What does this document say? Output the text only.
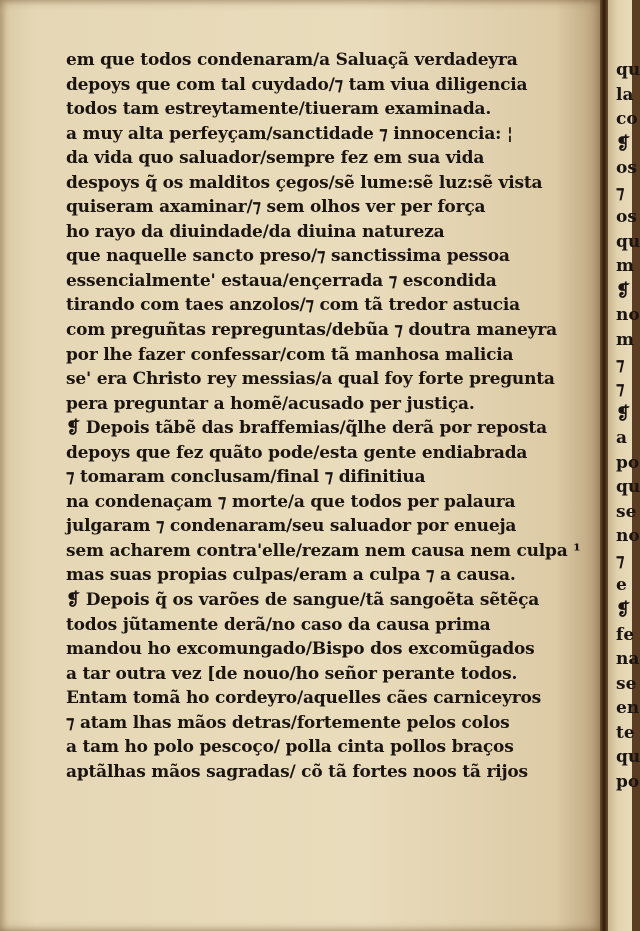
em que todos condenaram/a Saluaçã verdadeyra
depoys que com tal cuydado/⁊ tam viua diligencia
todos tam estreytamente/tiueram examinada.
a muy alta perfeyçam/sanctidade ⁊ innocencia: ¦
da vida quo saluador/sempre fez em sua vida
despoys q̃ os malditos çegos/sẽ lume:sẽ luz:sẽ vista
quiseram axaminar/⁊ sem olhos ver per força
ho rayo da diuindade/da diuina natureza
que naquelle sancto preso/⁊ sanctissima pessoa
essencialmente' estaua/ençerrada ⁊ escondida
tirando com taes anzolos/⁊ com tã tredor astucia
com preguñtas repreguntas/debũa ⁊ doutra maneyra
por lhe fazer confessar/com tã manhosa malicia
se' era Christo rey messias/a qual foy forte pregunta
pera preguntar a homẽ/acusado per justiça.
❡ Depois tãbẽ das braffemias/q̃lhe derã por reposta
depoys que fez quãto pode/esta gente endiabrada
⁊ tomaram conclusam/final ⁊ difinitiua
na condenaçam ⁊ morte/a que todos per palaura
julgaram ⁊ condenaram/seu saluador por enueja
sem acharem contra'elle/rezam nem causa nem culpa ¹
mas suas propias culpas/eram a culpa ⁊ a causa.
❡ Depois q̃ os varões de sangue/tã sangoẽta sẽtẽça
todos jũtamente derã/no caso da causa prima
mandou ho excomungado/Bispo dos excomũgados
a tar outra vez [de nouo/ho señor perante todos.
Entam tomã ho cordeyro/aquelles cães carniceyros
⁊ atam lhas mãos detras/fortemente pelos colos
a tam ho polo pescoço/ polla cinta pollos braços
aptãlhas mãos sagradas/ cõ tã fortes noos tã rijos
qu
la
co
❡
os
⁊
os
qu
m
❡
no
m
⁊
⁊
❡
a
po
qu
se
no
⁊
e
❡
fe
na
se
en
te
qu
po
